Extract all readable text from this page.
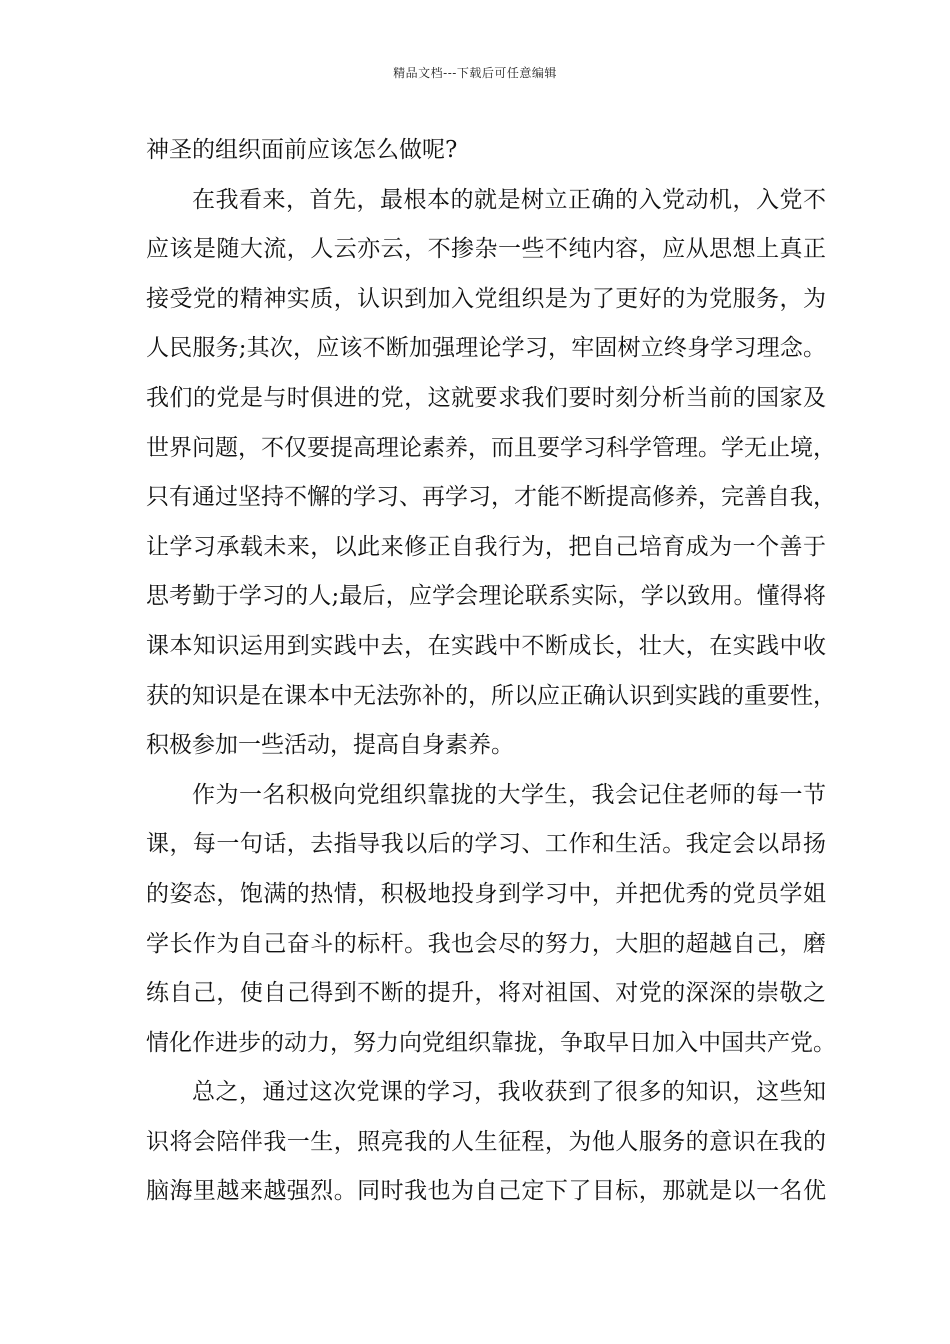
精品文档---下载后可任意编辑
神圣的组织面前应该怎么做呢?
在我看来，首先，最根本的就是树立正确的入党动机，入党不
应该是随大流，人云亦云，不掺杂一些不纯内容，应从思想上真正
接受党的精神实质，认识到加入党组织是为了更好的为党服务，为
人民服务;其次，应该不断加强理论学习，牢固树立终身学习理念。
我们的党是与时俱进的党，这就要求我们要时刻分析当前的国家及
世界问题，不仅要提高理论素养，而且要学习科学管理。学无止境，
只有通过坚持不懈的学习、再学习，才能不断提高修养，完善自我，
让学习承载未来，以此来修正自我行为，把自己培育成为一个善于
思考勤于学习的人;最后，应学会理论联系实际，学以致用。懂得将
课本知识运用到实践中去，在实践中不断成长，壮大，在实践中收
获的知识是在课本中无法弥补的，所以应正确认识到实践的重要性，
积极参加一些活动，提高自身素养。
作为一名积极向党组织靠拢的大学生，我会记住老师的每一节
课，每一句话，去指导我以后的学习、工作和生活。我定会以昂扬
的姿态，饱满的热情，积极地投身到学习中，并把优秀的党员学姐
学长作为自己奋斗的标杆。我也会尽的努力，大胆的超越自己，磨
练自己，使自己得到不断的提升，将对祖国、对党的深深的崇敬之
情化作进步的动力，努力向党组织靠拢，争取早日加入中国共产党。
总之，通过这次党课的学习，我收获到了很多的知识，这些知
识将会陪伴我一生，照亮我的人生征程，为他人服务的意识在我的
脑海里越来越强烈。同时我也为自己定下了目标，那就是以一名优
